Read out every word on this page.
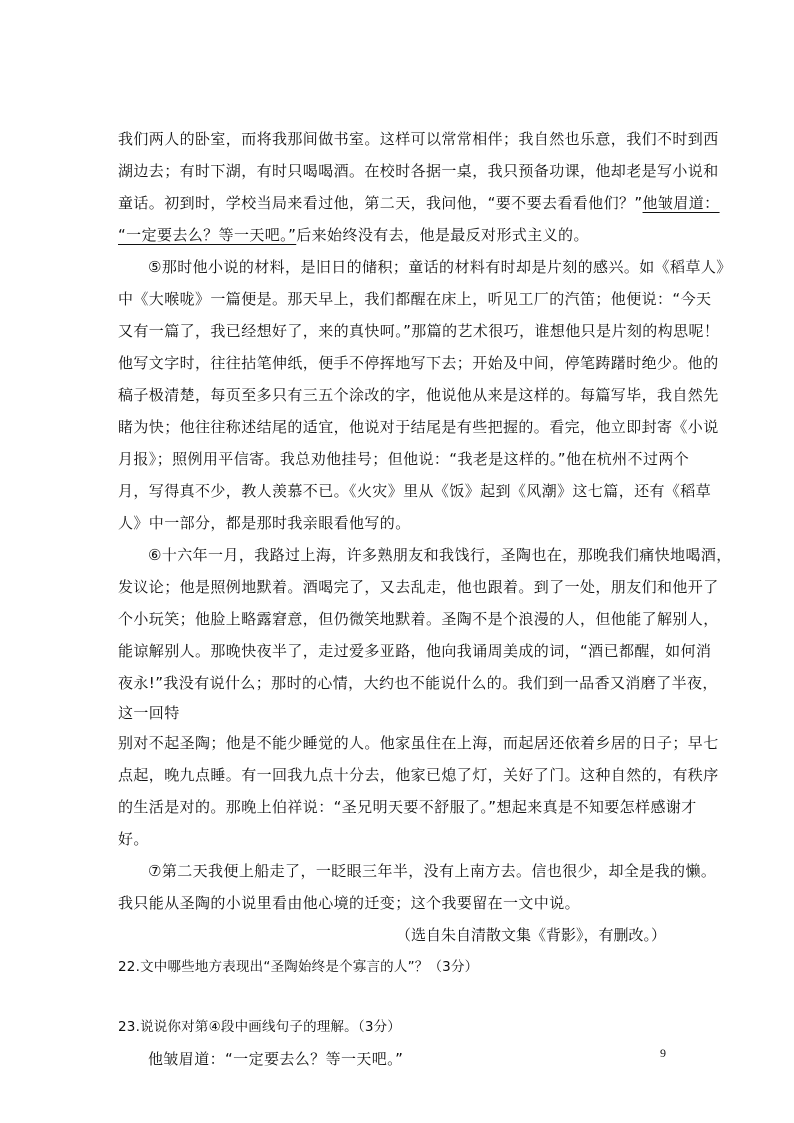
我们两人的卧室，而将我那间做书室。这样可以常常相伴；我自然也乐意，我们不时到西
湖边去；有时下湖，有时只喝喝酒。在校时各据一桌，我只预备功课，他却老是写小说和
童话。初到时，学校当局来看过他，第二天，我问他，“要不要去看看他们？”他皱眉道：
“一定要去么？等一天吧。”后来始终没有去，他是最反对形式主义的。
⑤那时他小说的材料，是旧日的储积；童话的材料有时却是片刻的感兴。如《稻草人》
中《大喉咙》一篇便是。那天早上，我们都醒在床上，听见工厂的汽笛；他便说：“今天
又有一篇了，我已经想好了，来的真快呵。”那篇的艺术很巧，谁想他只是片刻的构思呢！
他写文字时，往往拈笔伸纸，便手不停挥地写下去；开始及中间，停笔踌躇时绝少。他的
稿子极清楚，每页至多只有三五个涂改的字，他说他从来是这样的。每篇写毕，我自然先
睹为快；他往往称述结尾的适宜，他说对于结尾是有些把握的。看完，他立即封寄《小说
月报》；照例用平信寄。我总劝他挂号；但他说：“我老是这样的。”他在杭州不过两个
月，写得真不少，教人羡慕不已。《火灾》里从《饭》起到《风潮》这七篇，还有《稻草
人》中一部分，都是那时我亲眼看他写的。
⑥十六年一月，我路过上海，许多熟朋友和我饯行，圣陶也在，那晚我们痛快地喝酒，
发议论；他是照例地默着。酒喝完了，又去乱走，他也跟着。到了一处，朋友们和他开了
个小玩笑；他脸上略露窘意，但仍微笑地默着。圣陶不是个浪漫的人，但他能了解别人，
能谅解别人。那晚快夜半了，走过爱多亚路，他向我诵周美成的词，“酒已都醒，如何消
夜永!”我没有说什么；那时的心情，大约也不能说什么的。我们到一品香又消磨了半夜，
这一回特
别对不起圣陶；他是不能少睡觉的人。他家虽住在上海，而起居还依着乡居的日子；早七
点起，晚九点睡。有一回我九点十分去，他家已熄了灯，关好了门。这种自然的，有秩序
的生活是对的。那晚上伯祥说：“圣兄明天要不舒服了。”想起来真是不知要怎样感谢才
好。
⑦第二天我便上船走了，一眨眼三年半，没有上南方去。信也很少，却全是我的懒。
我只能从圣陶的小说里看由他心境的迁变；这个我要留在一文中说。
（选自朱自清散文集《背影》，有删改。）
22.文中哪些地方表现出“圣陶始终是个寡言的人”？（3分）
23.说说你对第④段中画线句子的理解。（3分）
他皱眉道：“一定要去么？等一天吧。”	9
